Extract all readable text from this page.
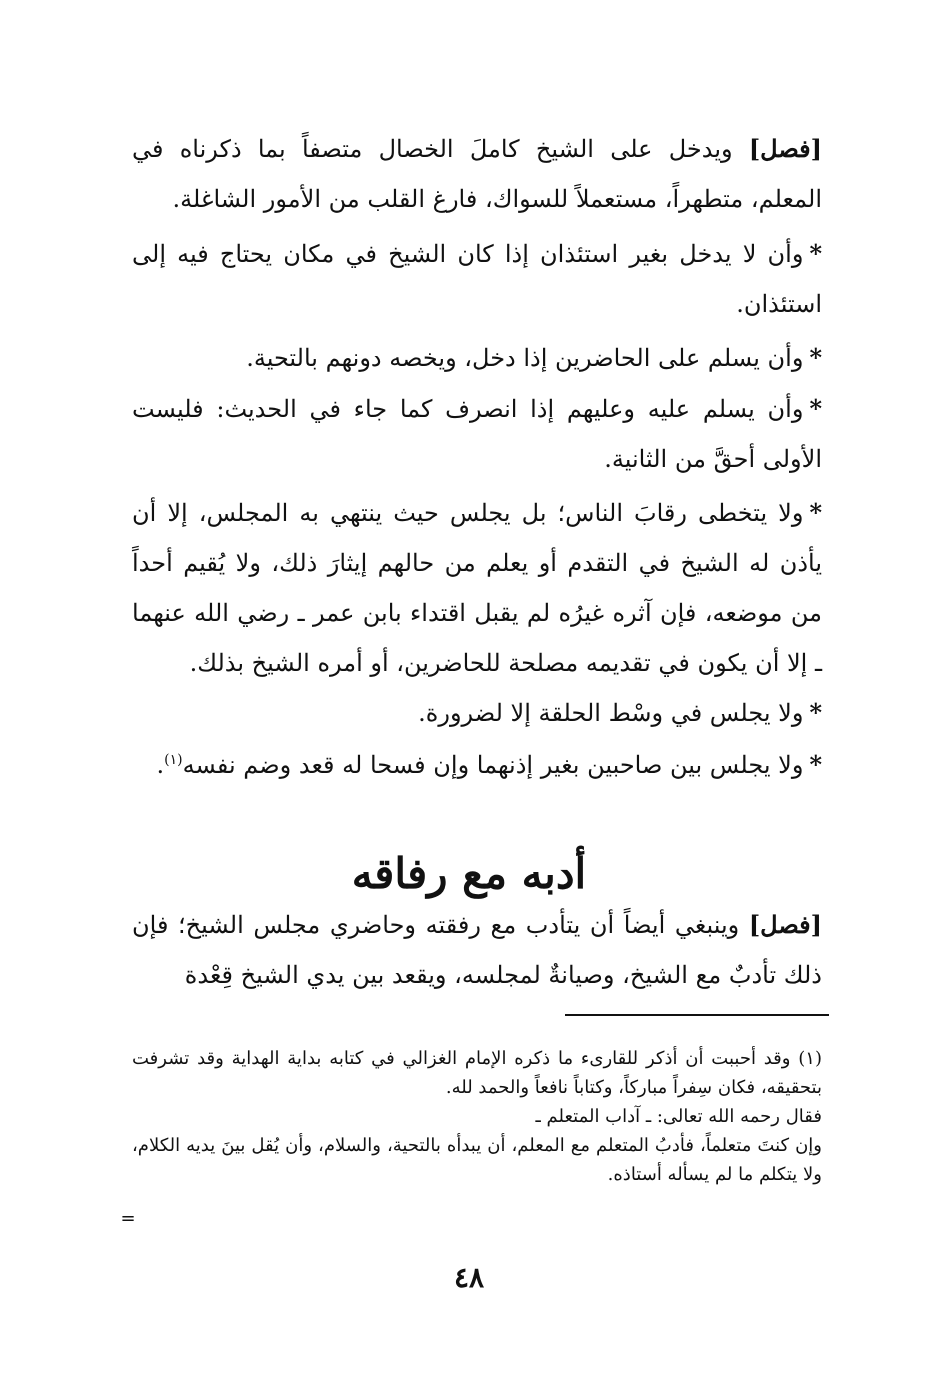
[فصل] ويدخل على الشيخ كاملَ الخصال متصفاً بما ذكرناه في المعلم، متطهراً، مستعملاً للسواك، فارغ القلب من الأمور الشاغلة.

*وأن لا يدخل بغير استئذان إذا كان الشيخ في مكان يحتاج فيه إلى استئذان.

*وأن يسلم على الحاضرين إذا دخل، ويخصه دونهم بالتحية.

*وأن يسلم عليه وعليهم إذا انصرف كما جاء في الحديث: فليست الأولى أحقَّ من الثانية.

*ولا يتخطى رقابَ الناس؛ بل يجلس حيث ينتهي به المجلس، إلا أن يأذن له الشيخ في التقدم أو يعلم من حالهم إيثارَ ذلك، ولا يُقيم أحداً من موضعه، فإن آثره غيرُه لم يقبل اقتداء بابن عمر ـ رضي الله عنهما ـ إلا أن يكون في تقديمه مصلحة للحاضرين، أو أمره الشيخ بذلك.

*ولا يجلس في وسْط الحلقة إلا لضرورة.

*ولا يجلس بين صاحبين بغير إذنهما وإن فسحا له قعد وضم نفسه$^{(١)}$.

أدبه مع رفاقه

[فصل] وينبغي أيضاً أن يتأدب مع رفقته وحاضري مجلس الشيخ؛ فإن ذلك تأدبٌ مع الشيخ، وصيانةٌ لمجلسه، ويقعد بين يدي الشيخ قِعْدة

(١) وقد أحببت أن أذكر للقارىء ما ذكره الإمام الغزالي في كتابه بداية الهداية وقد تشرفت بتحقيقه، فكان سِفراً مباركاً، وكتاباً نافعاً والحمد لله.
فقال رحمه الله تعالى: ـ آداب المتعلم ـ
وإن كنتَ متعلماً، فأدبُ المتعلم مع المعلم، أن يبدأه بالتحية، والسلام، وأن يُقل بينَ يديه الكلام، ولا يتكلم ما لم يسأله أستاذه.
=
٤٨
